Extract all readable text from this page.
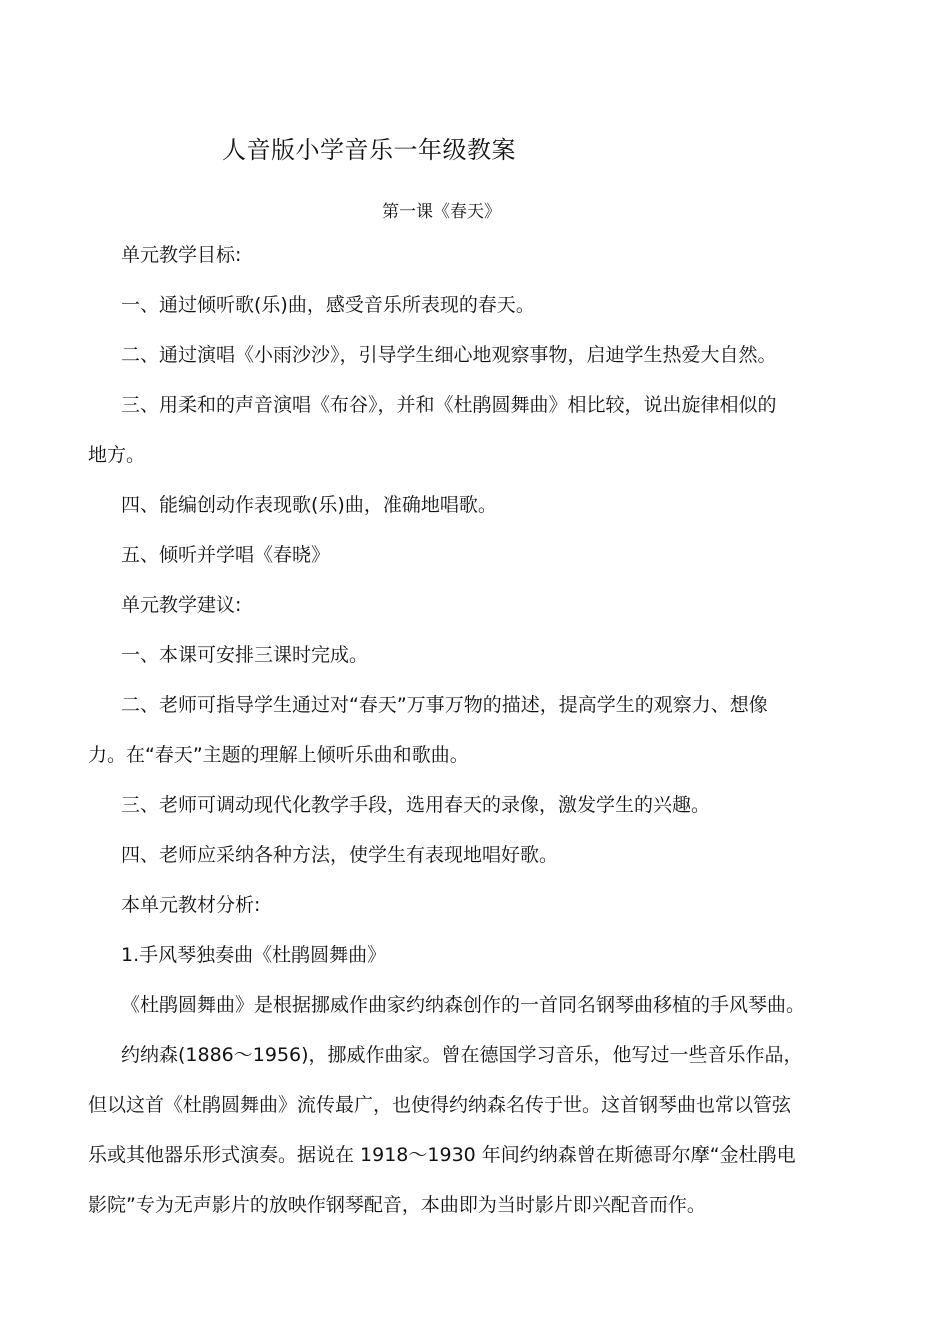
人音版小学音乐一年级教案
第一课《春天》
单元教学目标:
一、通过倾听歌(乐)曲，感受音乐所表现的春天。
二、通过演唱《小雨沙沙》，引导学生细心地观察事物，启迪学生热爱大自然。
三、用柔和的声音演唱《布谷》，并和《杜鹃圆舞曲》相比较，说出旋律相似的
地方。
四、能编创动作表现歌(乐)曲，准确地唱歌。
五、倾听并学唱《春晓》
单元教学建议:
一、本课可安排三课时完成。
二、老师可指导学生通过对“春天”万事万物的描述，提高学生的观察力、想像
力。在“春天”主题的理解上倾听乐曲和歌曲。
三、老师可调动现代化教学手段，选用春天的录像，激发学生的兴趣。
四、老师应采纳各种方法，使学生有表现地唱好歌。
本单元教材分析:
1.手风琴独奏曲《杜鹃圆舞曲》
《杜鹃圆舞曲》是根据挪威作曲家约纳森创作的一首同名钢琴曲移植的手风琴曲。
约纳森(1886～1956)，挪威作曲家。曾在德国学习音乐，他写过一些音乐作品，
但以这首《杜鹃圆舞曲》流传最广，也使得约纳森名传于世。这首钢琴曲也常以管弦
乐或其他器乐形式演奏。据说在 1918～1930 年间约纳森曾在斯德哥尔摩“金杜鹃电
影院”专为无声影片的放映作钢琴配音，本曲即为当时影片即兴配音而作。
